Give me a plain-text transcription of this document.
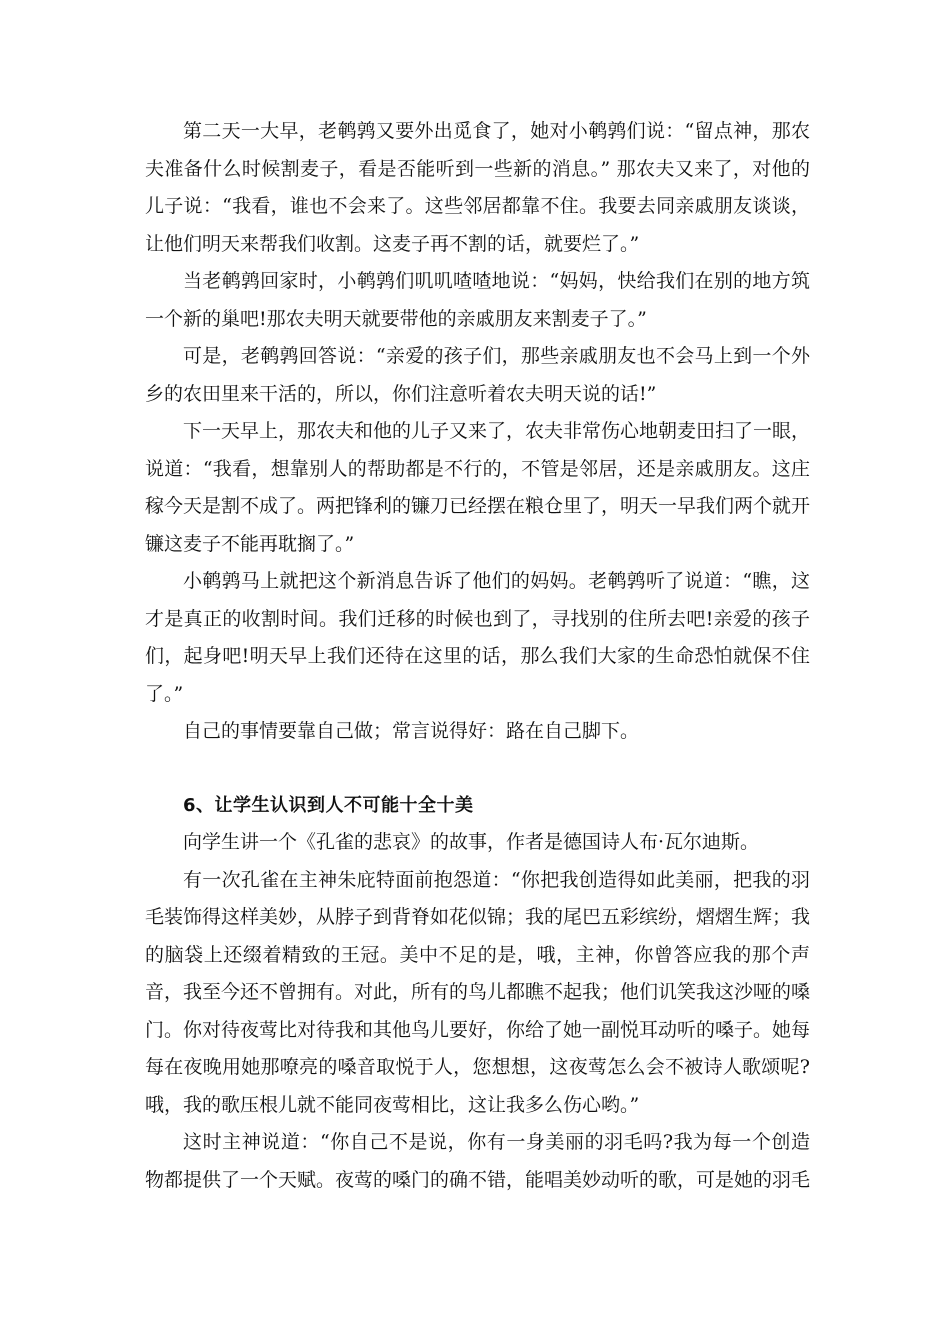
第二天一大早，老鹌鹑又要外出觅食了，她对小鹌鹑们说：“留点神，那农夫准备什么时候割麦子，看是否能听到一些新的消息。” 那农夫又来了，对他的儿子说：“我看，谁也不会来了。这些邻居都靠不住。我要去同亲戚朋友谈谈，让他们明天来帮我们收割。这麦子再不割的话，就要烂了。”

当老鹌鹑回家时，小鹌鹑们叽叽喳喳地说：“妈妈，快给我们在别的地方筑一个新的巢吧!那农夫明天就要带他的亲戚朋友来割麦子了。”

可是，老鹌鹑回答说：“亲爱的孩子们，那些亲戚朋友也不会马上到一个外乡的农田里来干活的，所以，你们注意听着农夫明天说的话!”

下一天早上，那农夫和他的儿子又来了，农夫非常伤心地朝麦田扫了一眼，说道：“我看，想靠别人的帮助都是不行的，不管是邻居，还是亲戚朋友。这庄稼今天是割不成了。两把锋利的镰刀已经摆在粮仓里了，明天一早我们两个就开镰这麦子不能再耽搁了。”

小鹌鹑马上就把这个新消息告诉了他们的妈妈。老鹌鹑听了说道：“瞧，这才是真正的收割时间。我们迁移的时候也到了，寻找别的住所去吧!亲爱的孩子们，起身吧!明天早上我们还待在这里的话，那么我们大家的生命恐怕就保不住了。”

自己的事情要靠自己做；常言说得好：路在自己脚下。

6、让学生认识到人不可能十全十美

向学生讲一个《孔雀的悲哀》的故事，作者是德国诗人布·瓦尔迪斯。

有一次孔雀在主神朱庇特面前抱怨道：“你把我创造得如此美丽，把我的羽毛装饰得这样美妙，从脖子到背脊如花似锦；我的尾巴五彩缤纷，熠熠生辉；我的脑袋上还缀着精致的王冠。美中不足的是，哦，主神，你曾答应我的那个声音，我至今还不曾拥有。对此，所有的鸟儿都瞧不起我；他们讥笑我这沙哑的嗓门。你对待夜莺比对待我和其他鸟儿要好，你给了她一副悦耳动听的嗓子。她每每在夜晚用她那嘹亮的嗓音取悦于人，您想想，这夜莺怎么会不被诗人歌颂呢?哦，我的歌压根儿就不能同夜莺相比，这让我多么伤心哟。”

这时主神说道：“你自己不是说，你有一身美丽的羽毛吗?我为每一个创造物都提供了一个天赋。夜莺的嗓门的确不错，能唱美妙动听的歌，可是她的羽毛
